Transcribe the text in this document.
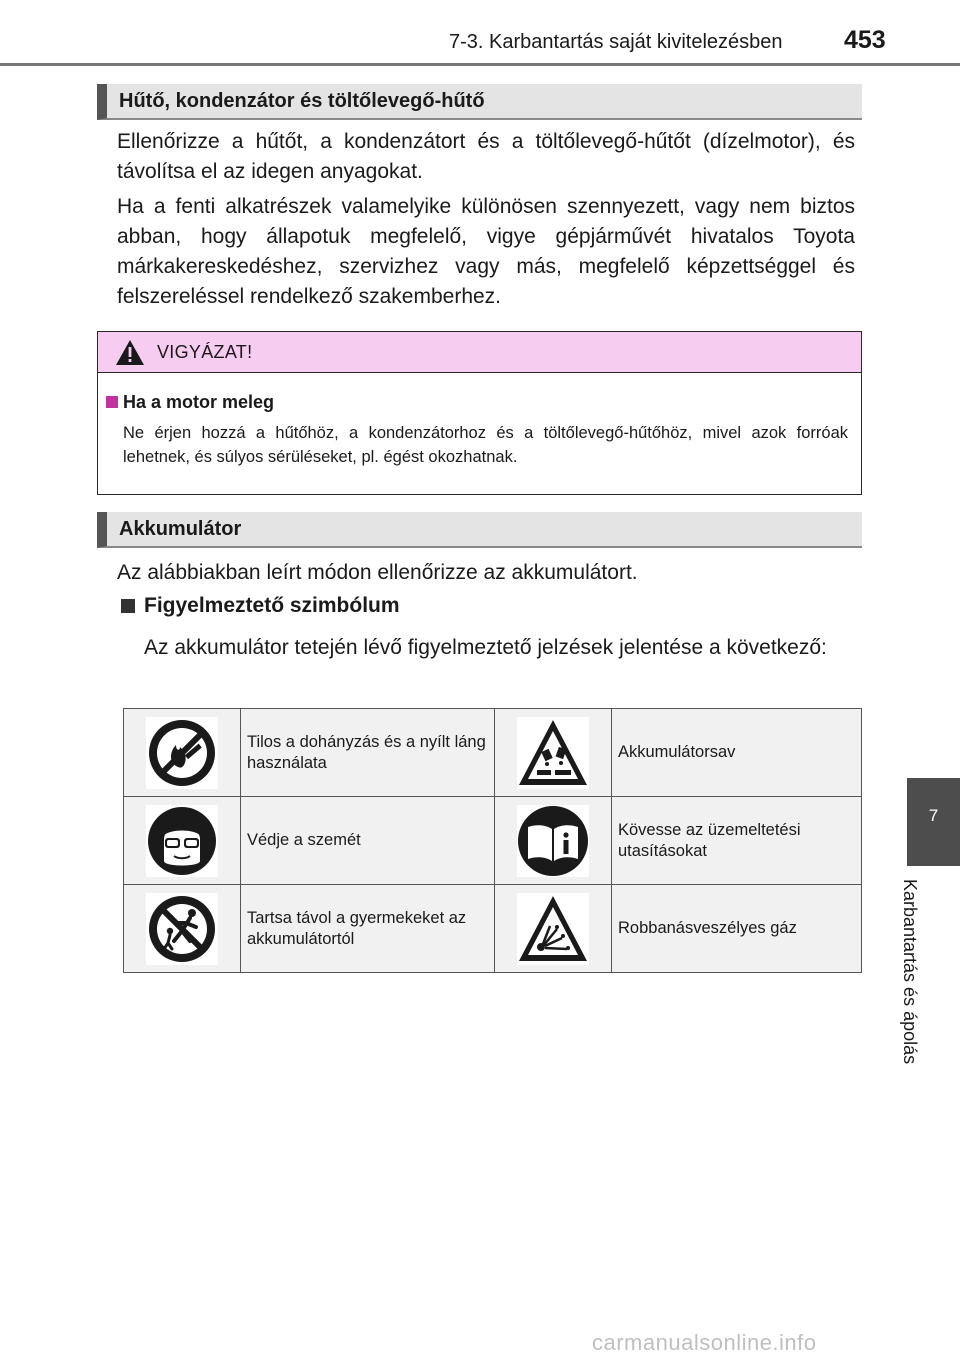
7-3. Karbantartás saját kivitelezésben 453
Hűtő, kondenzátor és töltőlevegő-hűtő

Ellenőrizze a hűtőt, a kondenzátort és a töltőlevegő-hűtőt (dízelmotor), és távolítsa el az idegen anyagokat.

Ha a fenti alkatrészek valamelyike különösen szennyezett, vagy nem biztos abban, hogy állapotuk megfelelő, vigye gépjárművét hivatalos Toyota márkakereskedéshez, szervizhez vagy más, megfelelő képzettséggel és felszereléssel rendelkező szakemberhez.

VIGYÁZAT!
Ha a motor meleg

Ne érjen hozzá a hűtőhöz, a kondenzátorhoz és a töltőlevegő-hűtőhöz, mivel azok forróak lehetnek, és súlyos sérüléseket, pl. égést okozhatnak.

Akkumulátor

Az alábbiakban leírt módon ellenőrizze az akkumulátort.

Figyelmeztető szimbólum

Az akkumulátor tetején lévő figyelmeztető jelzések jelentése a következő:

	Tilos a dohányzás és a nyílt láng használata		Akkumulátorsav

	Védje a szemét		Kövesse az üzemeltetési utasításokat

	Tartsa távol a gyermekeket az akkumulátortól		Robbanásveszélyes gáz
7
Karbantartás és ápolás
carmanualsonline.info
